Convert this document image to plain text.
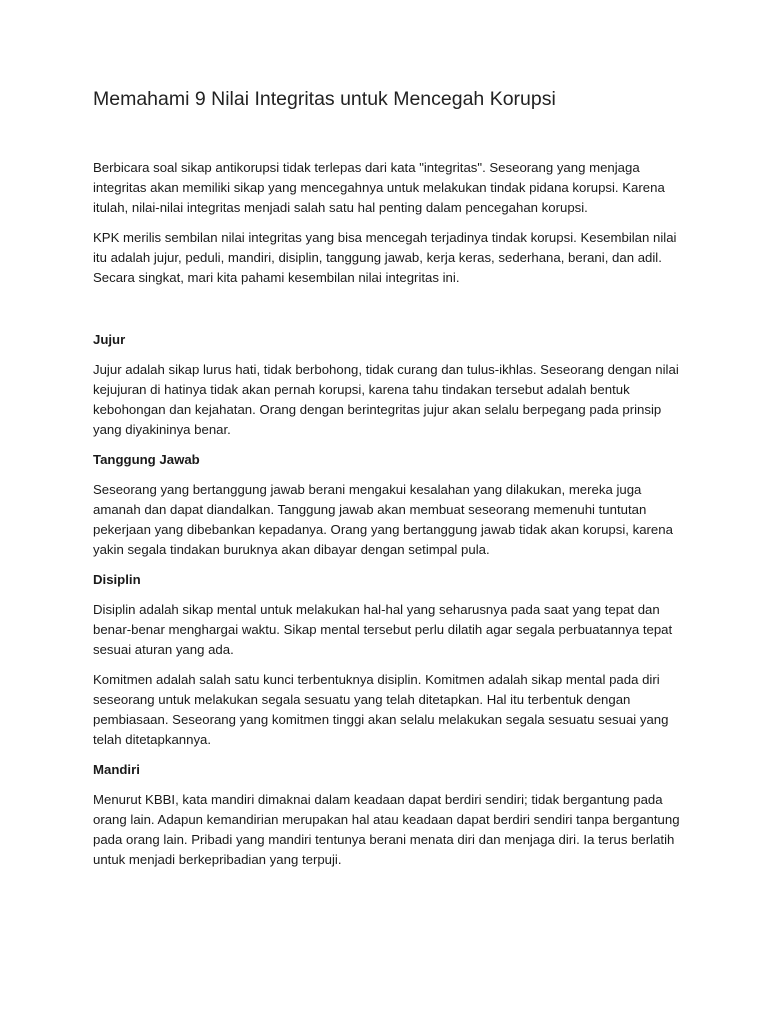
Memahami 9 Nilai Integritas untuk Mencegah Korupsi

Berbicara soal sikap antikorupsi tidak terlepas dari kata "integritas". Seseorang yang menjaga integritas akan memiliki sikap yang mencegahnya untuk melakukan tindak pidana korupsi. Karena itulah, nilai-nilai integritas menjadi salah satu hal penting dalam pencegahan korupsi.

KPK merilis sembilan nilai integritas yang bisa mencegah terjadinya tindak korupsi. Kesembilan nilai itu adalah jujur, peduli, mandiri, disiplin, tanggung jawab, kerja keras, sederhana, berani, dan adil. Secara singkat, mari kita pahami kesembilan nilai integritas ini.

Jujur

Jujur adalah sikap lurus hati, tidak berbohong, tidak curang dan tulus-ikhlas. Seseorang dengan nilai kejujuran di hatinya tidak akan pernah korupsi, karena tahu tindakan tersebut adalah bentuk kebohongan dan kejahatan. Orang dengan berintegritas jujur akan selalu berpegang pada prinsip yang diyakininya benar.

Tanggung Jawab

Seseorang yang bertanggung jawab berani mengakui kesalahan yang dilakukan, mereka juga amanah dan dapat diandalkan. Tanggung jawab akan membuat seseorang memenuhi tuntutan pekerjaan yang dibebankan kepadanya. Orang yang bertanggung jawab tidak akan korupsi, karena yakin segala tindakan buruknya akan dibayar dengan setimpal pula.

Disiplin

Disiplin adalah sikap mental untuk melakukan hal-hal yang seharusnya pada saat yang tepat dan benar-benar menghargai waktu. Sikap mental tersebut perlu dilatih agar segala perbuatannya tepat sesuai aturan yang ada.

Komitmen adalah salah satu kunci terbentuknya disiplin. Komitmen adalah sikap mental pada diri seseorang untuk melakukan segala sesuatu yang telah ditetapkan. Hal itu terbentuk dengan pembiasaan. Seseorang yang komitmen tinggi akan selalu melakukan segala sesuatu sesuai yang telah ditetapkannya.

Mandiri

Menurut KBBI, kata mandiri dimaknai dalam keadaan dapat berdiri sendiri; tidak bergantung pada orang lain. Adapun kemandirian merupakan hal atau keadaan dapat berdiri sendiri tanpa bergantung pada orang lain. Pribadi yang mandiri tentunya berani menata diri dan menjaga diri. Ia terus berlatih untuk menjadi berkepribadian yang terpuji.
